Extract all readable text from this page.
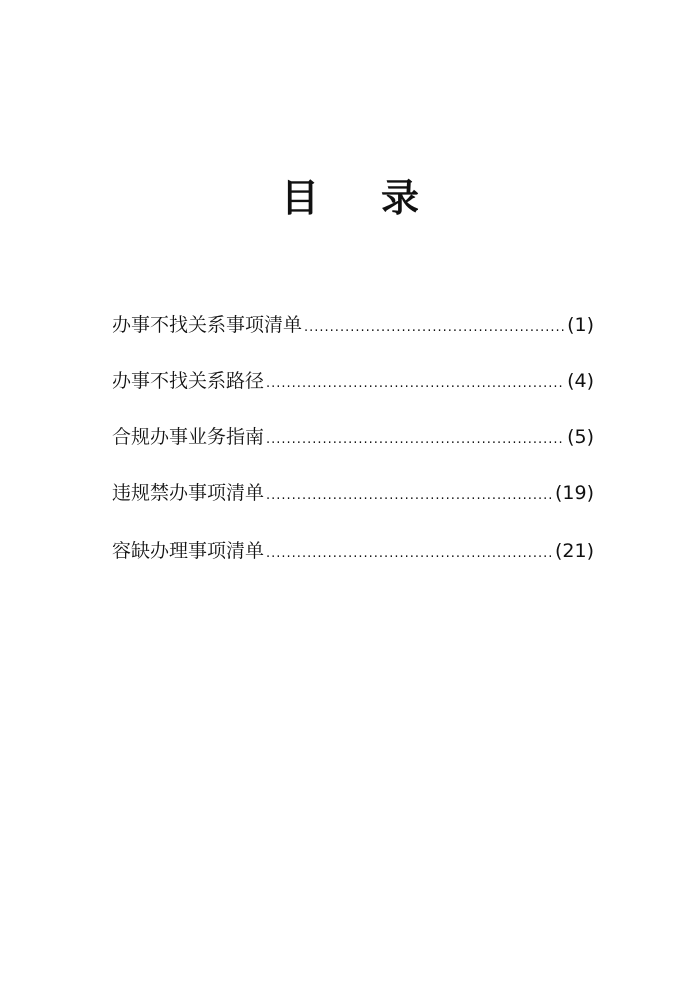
目 录
办事不找关系事项清单 .....	(1)
办事不找关系路径 .....	(4)
合规办事业务指南 .....	(5)
违规禁办事项清单 .....	(19)
容缺办理事项清单 .....	(21)
